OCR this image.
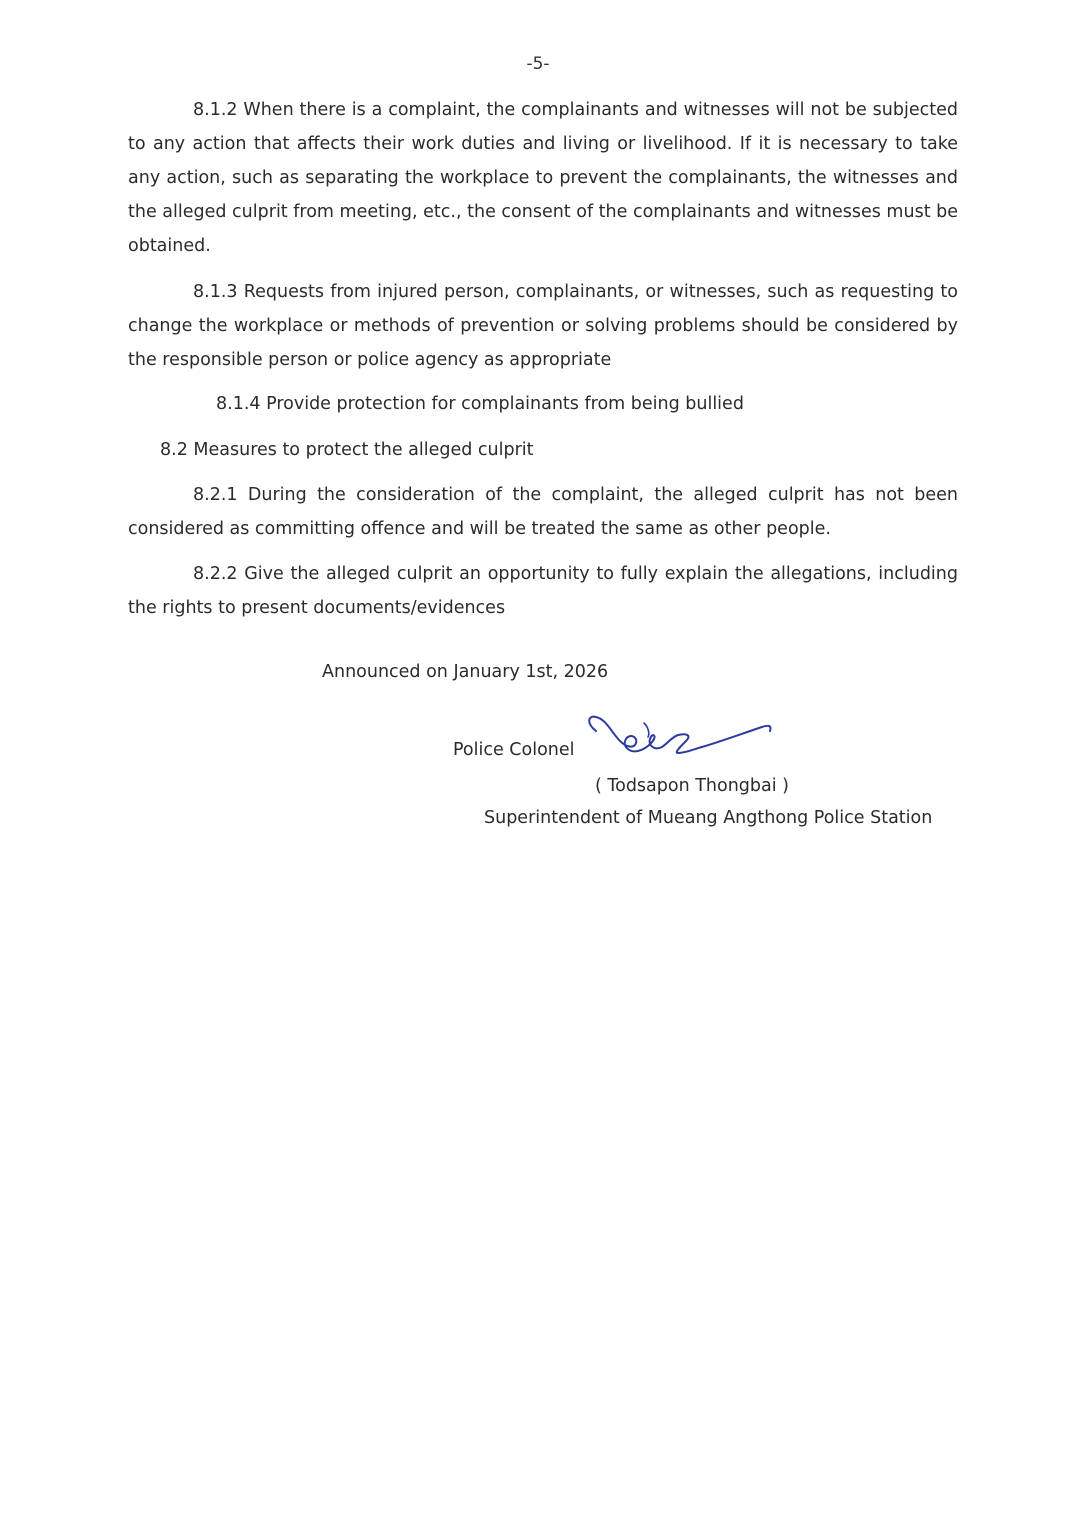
-5-

8.1.2 When there is a complaint, the complainants and witnesses will not be subjected to any action that affects their work duties and living or livelihood. If it is necessary to take any action, such as separating the workplace to prevent the complainants, the witnesses and the alleged culprit from meeting, etc., the consent of the complainants and witnesses must be obtained.

8.1.3 Requests from injured person, complainants, or witnesses, such as requesting to change the workplace or methods of prevention or solving problems should be considered by the responsible person or police agency as appropriate

8.1.4 Provide protection for complainants from being bullied

8.2 Measures to protect the alleged culprit

8.2.1 During the consideration of the complaint, the alleged culprit has not been considered as committing offence and will be treated the same as other people.

8.2.2 Give the alleged culprit an opportunity to fully explain the allegations, including the rights to present documents/evidences

Announced on January 1st, 2026
Police Colonel
( Todsapon Thongbai )
Superintendent of Mueang Angthong Police Station
